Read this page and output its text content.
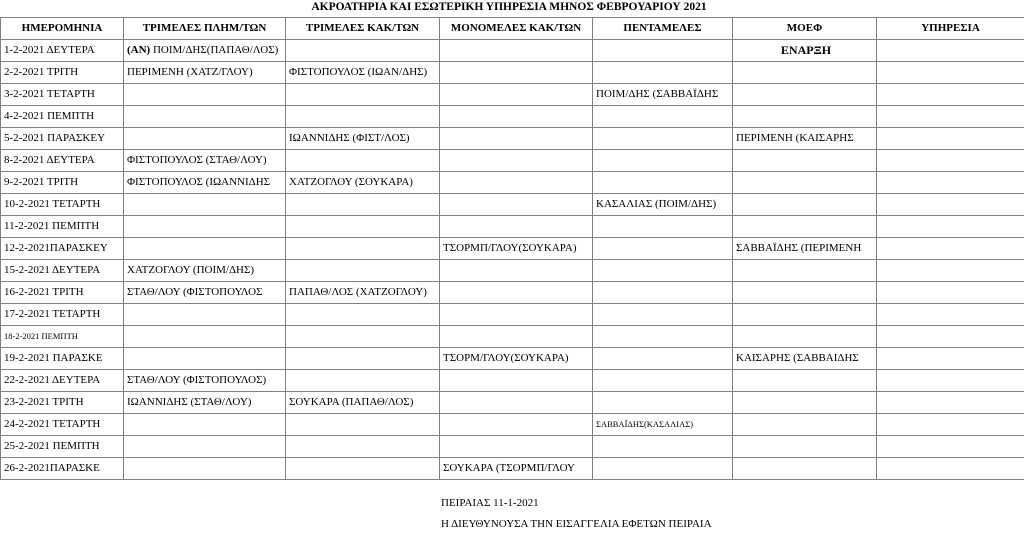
ΑΚΡΟΑΤΗΡΙΑ ΚΑΙ ΕΣΩΤΕΡΙΚΗ ΥΠΗΡΕΣΙΑ ΜΗΝΟΣ ΦΕΒΡΟΥΑΡΙΟΥ 2021
ΗΜΕΡΟΜΗΝΙΑ	ΤΡΙΜΕΛΕΣ ΠΛΗΜ/ΤΩΝ	ΤΡΙΜΕΛΕΣ ΚΑΚ/ΤΩΝ	ΜΟΝΟΜΕΛΕΣ ΚΑΚ/ΤΩΝ	ΠΕΝΤΑΜΕΛΕΣ	ΜΟΕΦ	ΥΠΗΡΕΣΙΑ
1-2-2021 ΔΕΥΤΕΡΑ	(ΑΝ) ΠΟΙΜ/ΔΗΣ(ΠΑΠΑΘ/ΛΟΣ)				ΕΝΑΡΞΗ	
2-2-2021 ΤΡΙΤΗ	ΠΕΡΙΜΕΝΗ (ΧΑΤΖ/ΓΛΟΥ)	ΦΙΣΤΟΠΟΥΛΟΣ (ΙΩΑΝ/ΔΗΣ)				
3-2-2021 ΤΕΤΑΡΤΗ				ΠΟΙΜ/ΔΗΣ (ΣΑΒΒΑΪΔΗΣ		
4-2-2021 ΠΕΜΠΤΗ						
5-2-2021 ΠΑΡΑΣΚΕΥ		ΙΩΑΝΝΙΔΗΣ (ΦΙΣΤ/ΛΟΣ)			ΠΕΡΙΜΕΝΗ (ΚΑΙΣΑΡΗΣ	
8-2-2021 ΔΕΥΤΕΡΑ	ΦΙΣΤΟΠΟΥΛΟΣ (ΣΤΑΘ/ΛΟΥ)					
9-2-2021 ΤΡΙΤΗ	ΦΙΣΤΟΠΟΥΛΟΣ (ΙΩΑΝΝΙΔΗΣ	ΧΑΤΖΟΓΛΟΥ (ΣΟΥΚΑΡΑ)				
10-2-2021 ΤΕΤΑΡΤΗ				ΚΑΣΑΛΙΑΣ (ΠΟΙΜ/ΔΗΣ)		
11-2-2021 ΠΕΜΠΤΗ						
12-2-2021ΠΑΡΑΣΚΕΥ			ΤΣΟΡΜΠ/ΓΛΟΥ(ΣΟΥΚΑΡΑ)		ΣΑΒΒΑΪΔΗΣ (ΠΕΡΙΜΕΝΗ	
15-2-2021 ΔΕΥΤΕΡΑ	ΧΑΤΖΟΓΛΟΥ (ΠΟΙΜ/ΔΗΣ)					
16-2-2021 ΤΡΙΤΗ	ΣΤΑΘ/ΛΟΥ (ΦΙΣΤΟΠΟΥΛΟΣ	ΠΑΠΑΘ/ΛΟΣ (ΧΑΤΖΟΓΛΟΥ)				
17-2-2021 ΤΕΤΑΡΤΗ						
18-2-2021 ΠΕΜΠΤΗ						
19-2-2021 ΠΑΡΑΣΚΕ			ΤΣΟΡΜ/ΓΛΟΥ(ΣΟΥΚΑΡΑ)		ΚΑΙΣΑΡΗΣ (ΣΑΒΒΑΙΔΗΣ	
22-2-2021 ΔΕΥΤΕΡΑ	ΣΤΑΘ/ΛΟΥ (ΦΙΣΤΟΠΟΥΛΟΣ)					
23-2-2021 ΤΡΙΤΗ	ΙΩΑΝΝΙΔΗΣ (ΣΤΑΘ/ΛΟΥ)	ΣΟΥΚΑΡΑ (ΠΑΠΑΘ/ΛΟΣ)				
24-2-2021 ΤΕΤΑΡΤΗ				ΣΑΒΒΑΪΔΗΣ(ΚΑΣΑΛΙΑΣ)		
25-2-2021 ΠΕΜΠΤΗ						
26-2-2021ΠΑΡΑΣΚΕ			ΣΟΥΚΑΡΑ (ΤΣΟΡΜΠ/ΓΛΟΥ			
ΠΕΙΡΑΙΑΣ 11-1-2021
Η ΔΙΕΥΘΥΝΟΥΣΑ ΤΗΝ ΕΙΣΑΓΓΕΛΙΑ ΕΦΕΤΩΝ ΠΕΙΡΑΙΑ
